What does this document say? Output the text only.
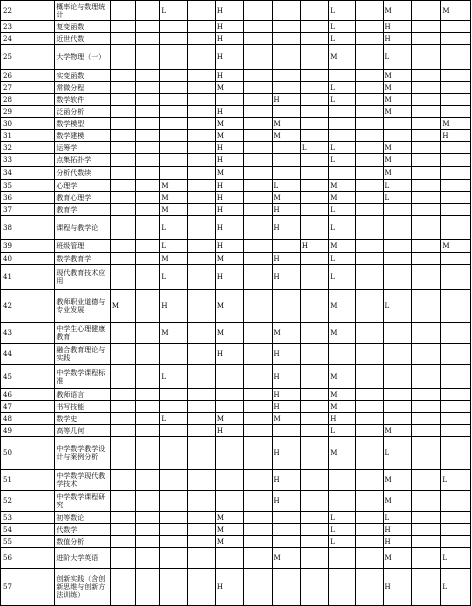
22	概率论与数理统计			L		H				L		M		M
23	复变函数					H				L		H		
24	近世代数					H				L		H		
25	大学物理（一）					H				M		L		
26	实变函数					H						M		
27	常微分程					M				L		M		
28	数学软件							H		L		M		
29	泛函分析					H						M		
30	数学模型					M		M						M
31	数学建模					M		M						H
32	运筹学					H			L	L		M		
33	点集拓扑学					H				L		M		
34	分析代数续					M						M		
35	心理学			M		H		L		M		L		
36	教育心理学			M		H		M		M		L		
37	教育学			M		H		H		L				
38	课程与教学论			L		H		H		L				
39	班级管理			L		H			H	M				M
40	数学教育学			M		M		H		L				
41	现代教育技术应用			L		H		H		L				
42	教师职业道德与专业发展	M		H		M				M		L		
43	中学生心理健康教育			M		M		M		M				
44	融合教育理论与实践					H		H						
45	中学数学课程标准			L				H		M				
46	教师语言							H		M				
47	书写技能							H		M				
48	数学史			L		M		M		H				
49	高等几何					H				L		M		
50	中学数学教学设计与案例分析							H		M		L		
51	中学数学现代教学技术							H				M		L
52	中学数学课程研究							H				M		
53	初等数论					M				L		L		
54	代数学					M				L		H		
55	数值分析					M				L		H		
56	进阶大学英语							M				M		L
57	创新实践（含创新思维与创新方法训练）					H						H		L
